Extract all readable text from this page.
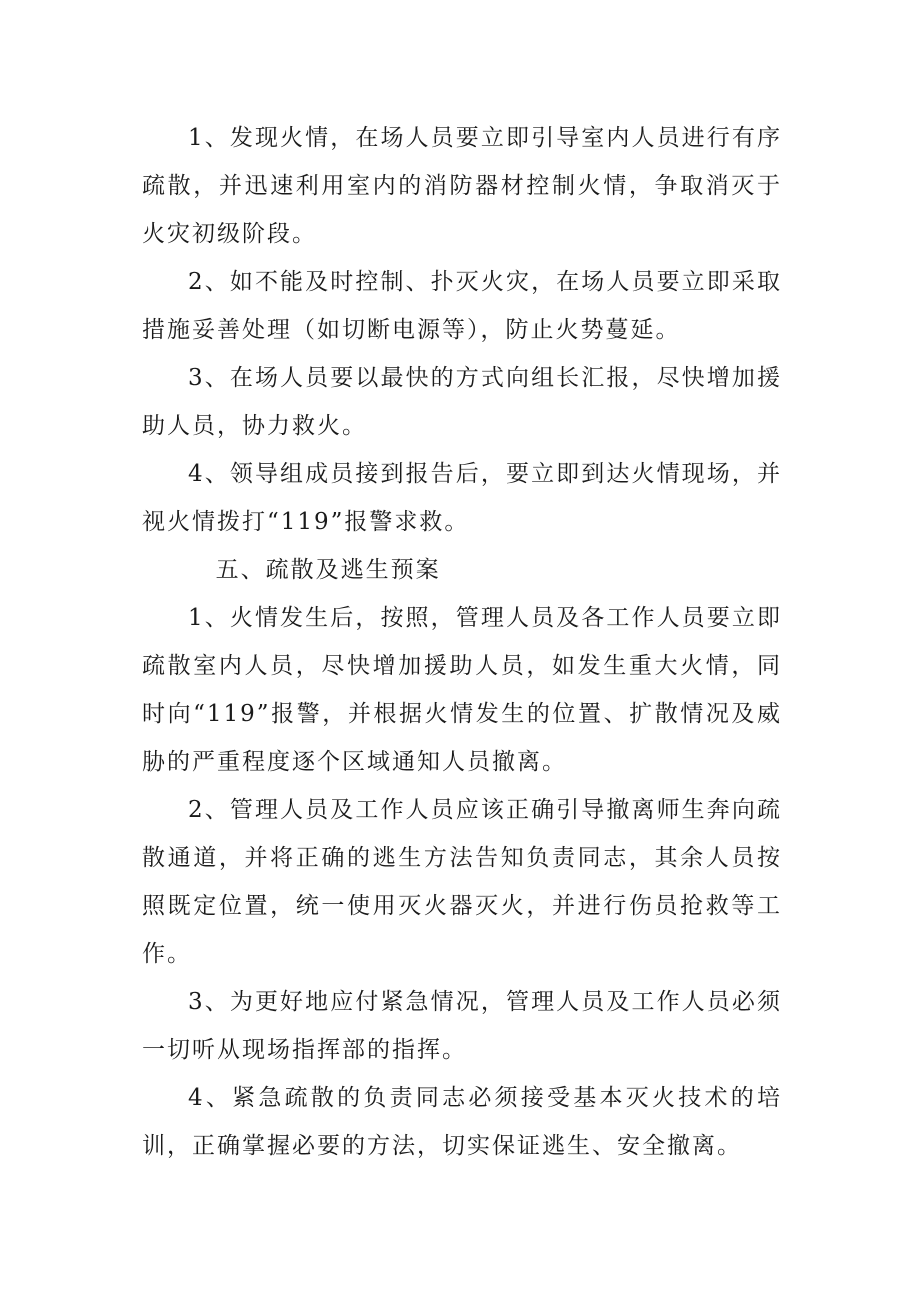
1、发现火情，在场人员要立即引导室内人员进行有序疏散，并迅速利用室内的消防器材控制火情，争取消灭于火灾初级阶段。

2、如不能及时控制、扑灭火灾，在场人员要立即采取措施妥善处理（如切断电源等），防止火势蔓延。

3、在场人员要以最快的方式向组长汇报，尽快增加援助人员，协力救火。

4、领导组成员接到报告后，要立即到达火情现场，并视火情拨打“119”报警求救。

五、疏散及逃生预案

1、火情发生后，按照，管理人员及各工作人员要立即疏散室内人员，尽快增加援助人员，如发生重大火情，同时向“119”报警，并根据火情发生的位置、扩散情况及威胁的严重程度逐个区域通知人员撤离。

2、管理人员及工作人员应该正确引导撤离师生奔向疏散通道，并将正确的逃生方法告知负责同志，其余人员按照既定位置，统一使用灭火器灭火，并进行伤员抢救等工作。

3、为更好地应付紧急情况，管理人员及工作人员必须一切听从现场指挥部的指挥。

4、紧急疏散的负责同志必须接受基本灭火技术的培训，正确掌握必要的方法，切实保证逃生、安全撤离。
